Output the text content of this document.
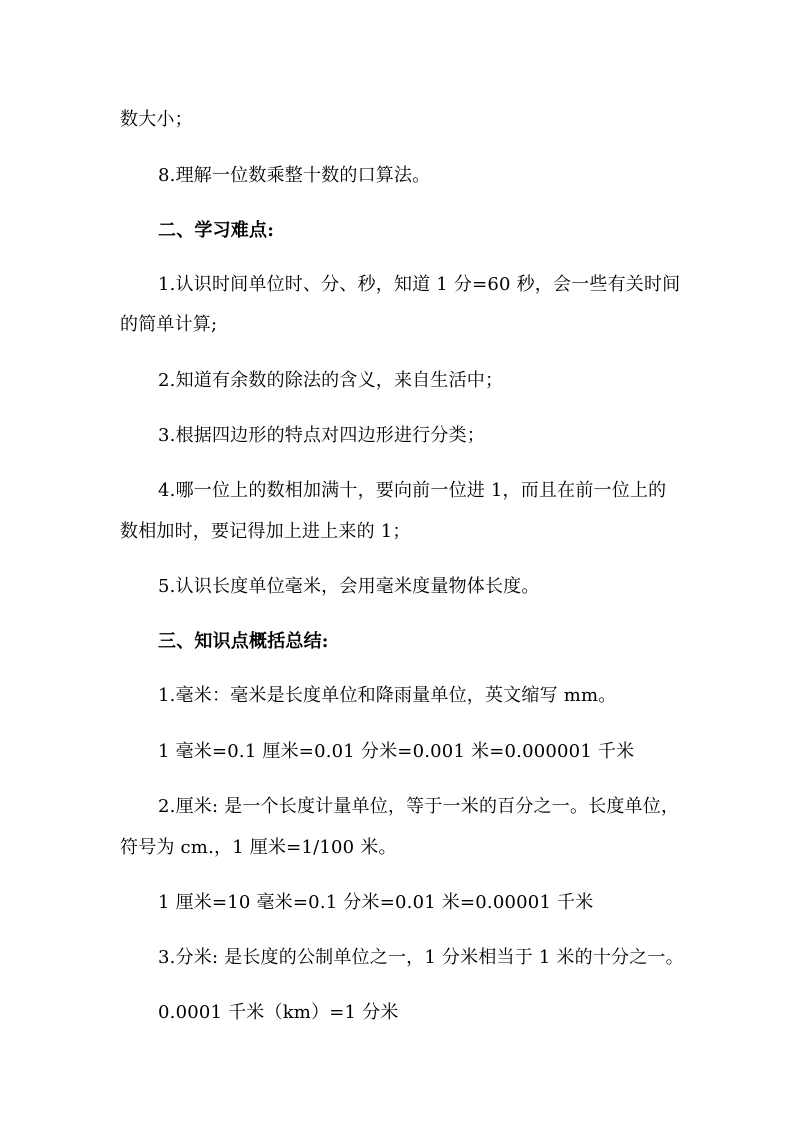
数大小；
8.理解一位数乘整十数的口算法。
二、学习难点:
1.认识时间单位时、分、秒，知道 1 分=60 秒，会一些有关时间
的简单计算;
2.知道有余数的除法的含义，来自生活中；
3.根据四边形的特点对四边形进行分类；
4.哪一位上的数相加满十，要向前一位进 1，而且在前一位上的
数相加时，要记得加上进上来的 1；
5.认识长度单位毫米，会用毫米度量物体长度。
三、知识点概括总结:
1.毫米：毫米是长度单位和降雨量单位，英文缩写 mm。
1 毫米=0.1 厘米=0.01 分米=0.001 米=0.000001 千米
2.厘米: 是一个长度计量单位，等于一米的百分之一。长度单位，
符号为 cm.，1 厘米=1/100 米。
1 厘米=10 毫米=0.1 分米=0.01 米=0.00001 千米
3.分米: 是长度的公制单位之一，1 分米相当于 1 米的十分之一。
0.0001 千米（km）=1 分米
